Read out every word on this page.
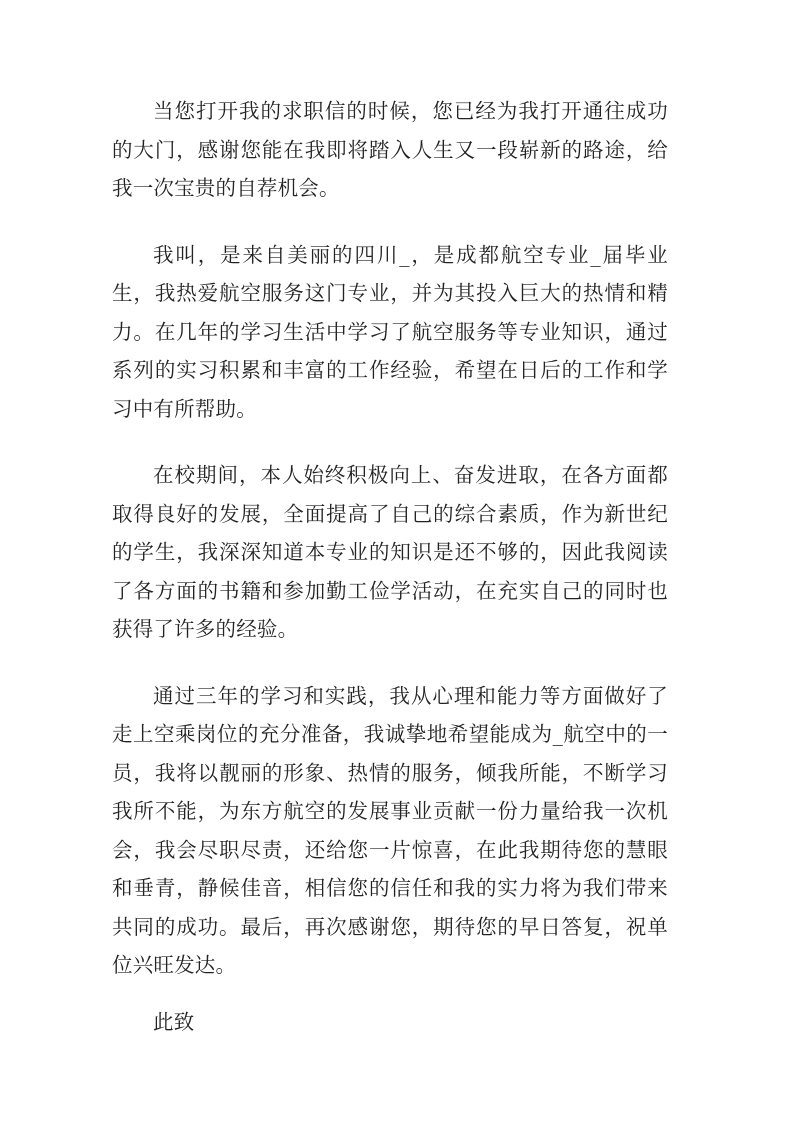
当您打开我的求职信的时候，您已经为我打开通往成功的大门，感谢您能在我即将踏入人生又一段崭新的路途，给我一次宝贵的自荐机会。

我叫，是来自美丽的四川_，是成都航空专业_届毕业生，我热爱航空服务这门专业，并为其投入巨大的热情和精力。在几年的学习生活中学习了航空服务等专业知识，通过系列的实习积累和丰富的工作经验，希望在日后的工作和学习中有所帮助。

在校期间，本人始终积极向上、奋发进取，在各方面都取得良好的发展，全面提高了自己的综合素质，作为新世纪的学生，我深深知道本专业的知识是还不够的，因此我阅读了各方面的书籍和参加勤工俭学活动，在充实自己的同时也获得了许多的经验。

通过三年的学习和实践，我从心理和能力等方面做好了走上空乘岗位的充分准备，我诚挚地希望能成为_航空中的一员，我将以靓丽的形象、热情的服务，倾我所能，不断学习我所不能，为东方航空的发展事业贡献一份力量给我一次机会，我会尽职尽责，还给您一片惊喜，在此我期待您的慧眼和垂青，静候佳音，相信您的信任和我的实力将为我们带来共同的成功。最后，再次感谢您，期待您的早日答复，祝单位兴旺发达。

此致
